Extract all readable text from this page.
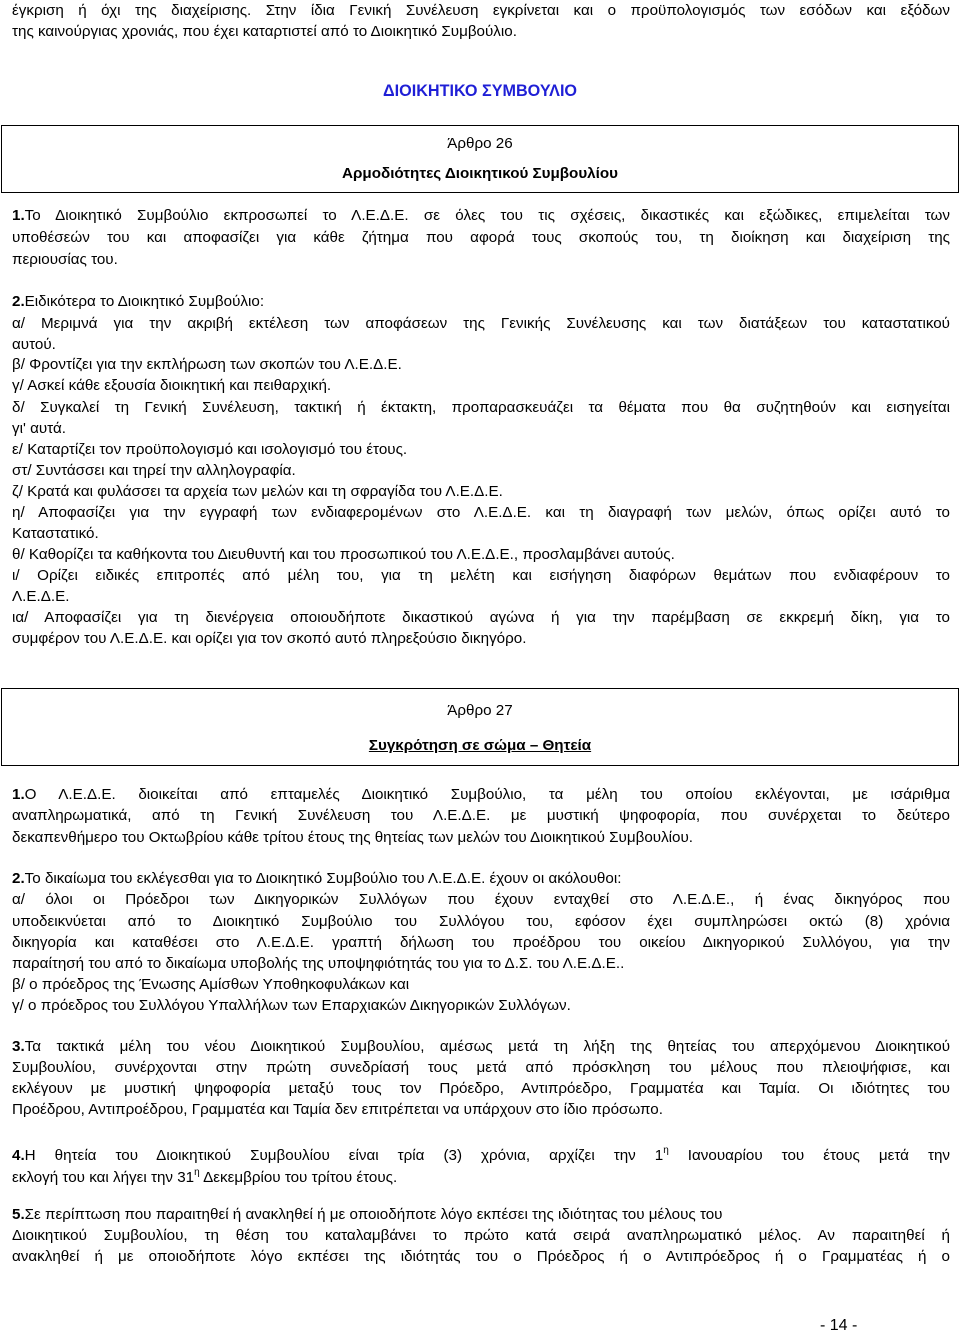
έγκριση ή όχι της διαχείρισης. Στην ίδια Γενική Συνέλευση εγκρίνεται και ο προϋπολογισμός των εσόδων και εξόδων
της καινούργιας χρονιάς, που έχει καταρτιστεί από το Διοικητικό Συμβούλιο.
ΔΙΟΙΚΗΤΙΚΟ ΣΥΜΒΟΥΛΙΟ
Άρθρο 26
Αρμοδιότητες Διοικητικού Συμβουλίου
1.Το Διοικητικό Συμβούλιο εκπροσωπεί το Λ.Ε.Δ.Ε. σε όλες του τις σχέσεις, δικαστικές και εξώδικες, επιμελείται των
υποθέσεών του και αποφασίζει για κάθε ζήτημα που αφορά τους σκοπούς του, τη διοίκηση και διαχείριση της
περιουσίας του.
2.Ειδικότερα το Διοικητικό Συμβούλιο:
α/ Μεριμνά για την ακριβή εκτέλεση των αποφάσεων της Γενικής Συνέλευσης και των διατάξεων του καταστατικού
αυτού.
β/ Φροντίζει για την εκπλήρωση των σκοπών του Λ.Ε.Δ.Ε.
γ/ Ασκεί κάθε εξουσία διοικητική και πειθαρχική.
δ/ Συγκαλεί τη Γενική Συνέλευση, τακτική ή έκτακτη, προπαρασκευάζει τα θέματα που θα συζητηθούν και εισηγείται
γι' αυτά.
ε/ Καταρτίζει τον προϋπολογισμό και ισολογισμό του έτους.
στ/ Συντάσσει και τηρεί την αλληλογραφία.
ζ/ Κρατά και φυλάσσει τα αρχεία των μελών και τη σφραγίδα του Λ.Ε.Δ.Ε.
η/ Αποφασίζει για την εγγραφή των ενδιαφερομένων στο Λ.Ε.Δ.Ε. και τη διαγραφή των μελών, όπως ορίζει αυτό το
Καταστατικό.
θ/ Καθορίζει τα καθήκοντα του Διευθυντή και του προσωπικού του Λ.Ε.Δ.Ε., προσλαμβάνει αυτούς.
ι/ Ορίζει ειδικές επιτροπές από μέλη του, για τη μελέτη και εισήγηση διαφόρων θεμάτων που ενδιαφέρουν το
Λ.Ε.Δ.Ε.
ια/ Αποφασίζει για τη διενέργεια οποιουδήποτε δικαστικού αγώνα ή για την παρέμβαση σε εκκρεμή δίκη, για το
συμφέρον του Λ.Ε.Δ.Ε. και ορίζει για τον σκοπό αυτό πληρεξούσιο δικηγόρο.
Άρθρο 27
Συγκρότηση σε σώμα – Θητεία
1.Ο Λ.Ε.Δ.Ε. διοικείται από επταμελές Διοικητικό Συμβούλιο, τα μέλη του οποίου εκλέγονται, με ισάριθμα
αναπληρωματικά, από τη Γενική Συνέλευση του Λ.Ε.Δ.Ε. με μυστική ψηφοφορία, που συνέρχεται το δεύτερο
δεκαπενθήμερο του Οκτωβρίου κάθε τρίτου έτους της θητείας των μελών του Διοικητικού Συμβουλίου.
2.Το δικαίωμα του εκλέγεσθαι για το Διοικητικό Συμβούλιο του Λ.Ε.Δ.Ε. έχουν οι ακόλουθοι:
α/ όλοι οι Πρόεδροι των Δικηγορικών Συλλόγων που έχουν ενταχθεί στο Λ.Ε.Δ.Ε., ή ένας δικηγόρος που
υποδεικνύεται από το Διοικητικό Συμβούλιο του Συλλόγου του, εφόσον έχει συμπληρώσει οκτώ (8) χρόνια
δικηγορία και καταθέσει στο Λ.Ε.Δ.Ε. γραπτή δήλωση του προέδρου του οικείου Δικηγορικού Συλλόγου, για την
παραίτησή του από το δικαίωμα υποβολής της υποψηφιότητάς του για το Δ.Σ. του Λ.Ε.Δ.Ε..
β/ ο πρόεδρος της Ένωσης Αμίσθων Υποθηκοφυλάκων και
γ/ ο πρόεδρος του Συλλόγου Υπαλλήλων των Επαρχιακών Δικηγορικών Συλλόγων.
3.Τα τακτικά μέλη του νέου Διοικητικού Συμβουλίου, αμέσως μετά τη λήξη της θητείας του απερχόμενου Διοικητικού
Συμβουλίου, συνέρχονται στην πρώτη συνεδρίασή τους μετά από πρόσκληση του μέλους που πλειοψήφισε, και
εκλέγουν με μυστική ψηφοφορία μεταξύ τους τον Πρόεδρο, Αντιπρόεδρο, Γραμματέα και Ταμία. Οι ιδιότητες του
Προέδρου, Αντιπροέδρου, Γραμματέα και Ταμία δεν επιτρέπεται να υπάρχουν στο ίδιο πρόσωπο.
4.Η θητεία του Διοικητικού Συμβουλίου είναι τρία (3) χρόνια, αρχίζει την $1^\eta$ Ιανουαρίου του έτους μετά την
εκλογή του και λήγει την $31^\eta$ Δεκεμβρίου του τρίτου έτους.
5.Σε περίπτωση που παραιτηθεί ή ανακληθεί ή με οποιοδήποτε λόγο εκπέσει της ιδιότητας του μέλους του
Διοικητικού Συμβουλίου, τη θέση του καταλαμβάνει το πρώτο κατά σειρά αναπληρωματικό μέλος. Αν παραιτηθεί ή
ανακληθεί ή με οποιοδήποτε λόγο εκπέσει της ιδιότητάς του ο Πρόεδρος ή ο Αντιπρόεδρος ή ο Γραμματέας ή ο
- 14 -
